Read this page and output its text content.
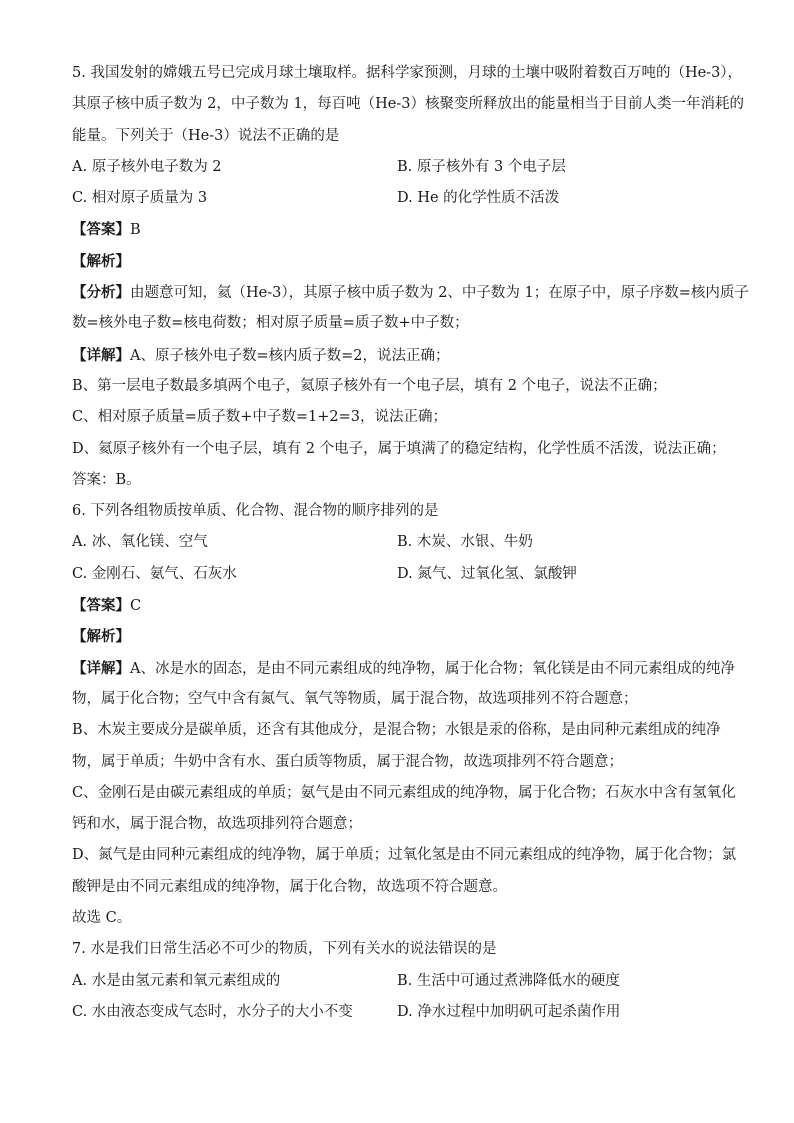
5. 我国发射的嫦娥五号已完成月球土壤取样。据科学家预测，月球的土壤中吸附着数百万吨的（He-3），
其原子核中质子数为 2，中子数为 1，每百吨（He-3）核聚变所释放出的能量相当于目前人类一年消耗的
能量。下列关于（He-3）说法不正确的是
A. 原子核外电子数为 2	B. 原子核外有 3 个电子层
C. 相对原子质量为 3	D. He 的化学性质不活泼
【答案】B
【解析】
【分析】由题意可知，氦（He-3），其原子核中质子数为 2、中子数为 1；在原子中，原子序数=核内质子
数=核外电子数=核电荷数；相对原子质量=质子数+中子数；
【详解】A、原子核外电子数=核内质子数=2，说法正确；
B、第一层电子数最多填两个电子，氦原子核外有一个电子层，填有 2 个电子，说法不正确；
C、相对原子质量=质子数+中子数=1+2=3，说法正确；
D、氦原子核外有一个电子层，填有 2 个电子，属于填满了的稳定结构，化学性质不活泼，说法正确；
答案：B。
6. 下列各组物质按单质、化合物、混合物的顺序排列的是
A. 冰、氧化镁、空气	B. 木炭、水银、牛奶
C. 金刚石、氨气、石灰水	D. 氮气、过氧化氢、氯酸钾
【答案】C
【解析】
【详解】A、冰是水的固态，是由不同元素组成的纯净物，属于化合物；氧化镁是由不同元素组成的纯净
物，属于化合物；空气中含有氮气、氧气等物质，属于混合物，故选项排列不符合题意；
B、木炭主要成分是碳单质，还含有其他成分，是混合物；水银是汞的俗称，是由同种元素组成的纯净
物，属于单质；牛奶中含有水、蛋白质等物质，属于混合物，故选项排列不符合题意；
C、金刚石是由碳元素组成的单质；氨气是由不同元素组成的纯净物，属于化合物；石灰水中含有氢氧化
钙和水，属于混合物，故选项排列符合题意；
D、氮气是由同种元素组成的纯净物，属于单质；过氧化氢是由不同元素组成的纯净物，属于化合物；氯
酸钾是由不同元素组成的纯净物，属于化合物，故选项不符合题意。
故选 C。
7. 水是我们日常生活必不可少的物质，下列有关水的说法错误的是
A. 水是由氢元素和氧元素组成的	B. 生活中可通过煮沸降低水的硬度
C. 水由液态变成气态时，水分子的大小不变	D. 净水过程中加明矾可起杀菌作用
